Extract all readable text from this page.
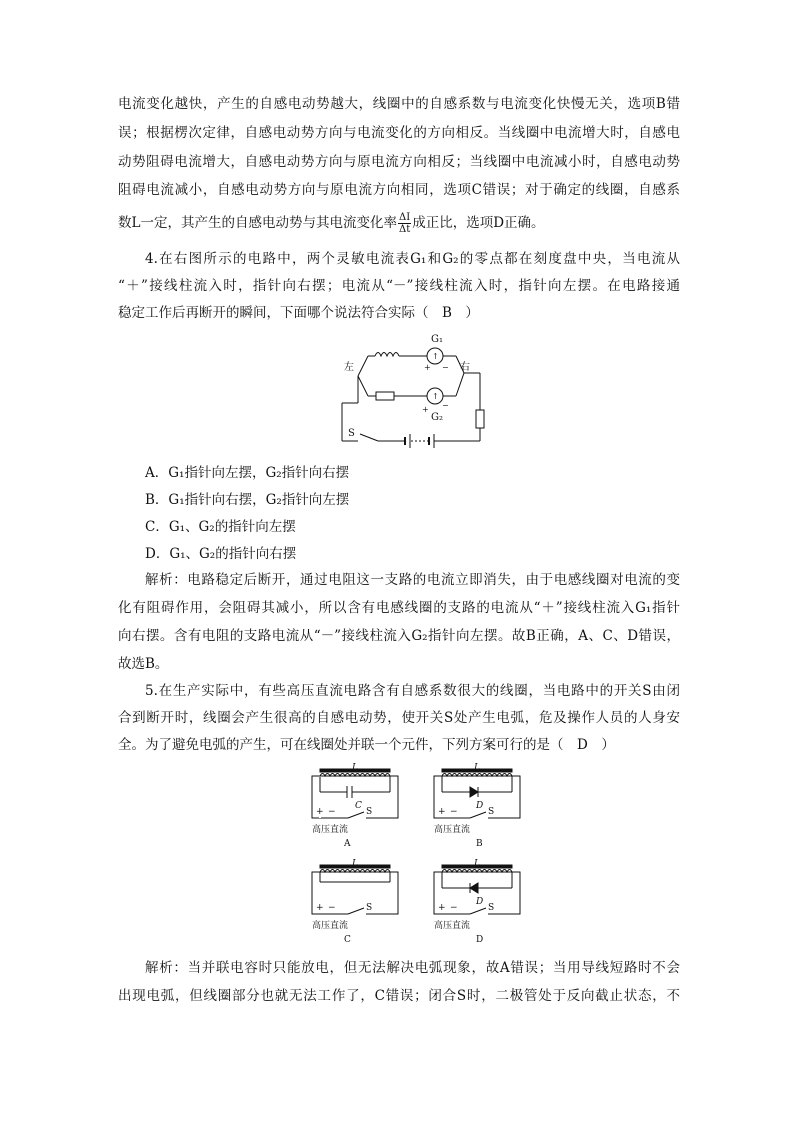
电流变化越快，产生的自感电动势越大，线圈中的自感系数与电流变化快慢无关，选项B错
误；根据楞次定律，自感电动势方向与电流变化的方向相反。当线圈中电流增大时，自感电
动势阻碍电流增大，自感电动势方向与原电流方向相反；当线圈中电流减小时，自感电动势
阻碍电流减小，自感电动势方向与原电流方向相同，选项C错误；对于确定的线圈，自感系
数L一定，其产生的自感电动势与其电流变化率 $\frac{\Delta I}{\Delta t}$ 成正比，选项D正确。
4.在右图所示的电路中，两个灵敏电流表G₁和G₂的零点都在刻度盘中央，当电流从
“＋”接线柱流入时，指针向右摆；电流从“－”接线柱流入时，指针向左摆。在电路接通
稳定工作后再断开的瞬间，下面哪个说法符合实际（　B　）
↑
↑
左	右
G₁
G₂
+ −
+ −
S
A．G₁指针向左摆，G₂指针向右摆
B．G₁指针向右摆，G₂指针向左摆
C．G₁、G₂的指针向左摆
D．G₁、G₂的指针向右摆
解析：电路稳定后断开，通过电阻这一支路的电流立即消失，由于电感线圈对电流的变
化有阻碍作用，会阻碍其减小，所以含有电感线圈的支路的电流从“＋”接线柱流入G₁指针
向右摆。含有电阻的支路电流从“－”接线柱流入G₂指针向左摆。故B正确，A、C、D错误，
故选B。
5.在生产实际中，有些高压直流电路含有自感系数很大的线圈，当电路中的开关S由闭
合到断开时，线圈会产生很高的自感电动势，使开关S处产生电弧，危及操作人员的人身安
全。为了避免电弧的产生，可在线圈处并联一个元件，下列方案可行的是（　D　）
L
C
S
+ −
高压直流
A
L
D
S
+ −
高压直流
B
L
S
+ −
高压直流
C
L
D
S
+ −
高压直流
D
解析：当并联电容时只能放电，但无法解决电弧现象，故A错误；当用导线短路时不会
出现电弧，但线圈部分也就无法工作了，C错误；闭合S时，二极管处于反向截止状态，不
